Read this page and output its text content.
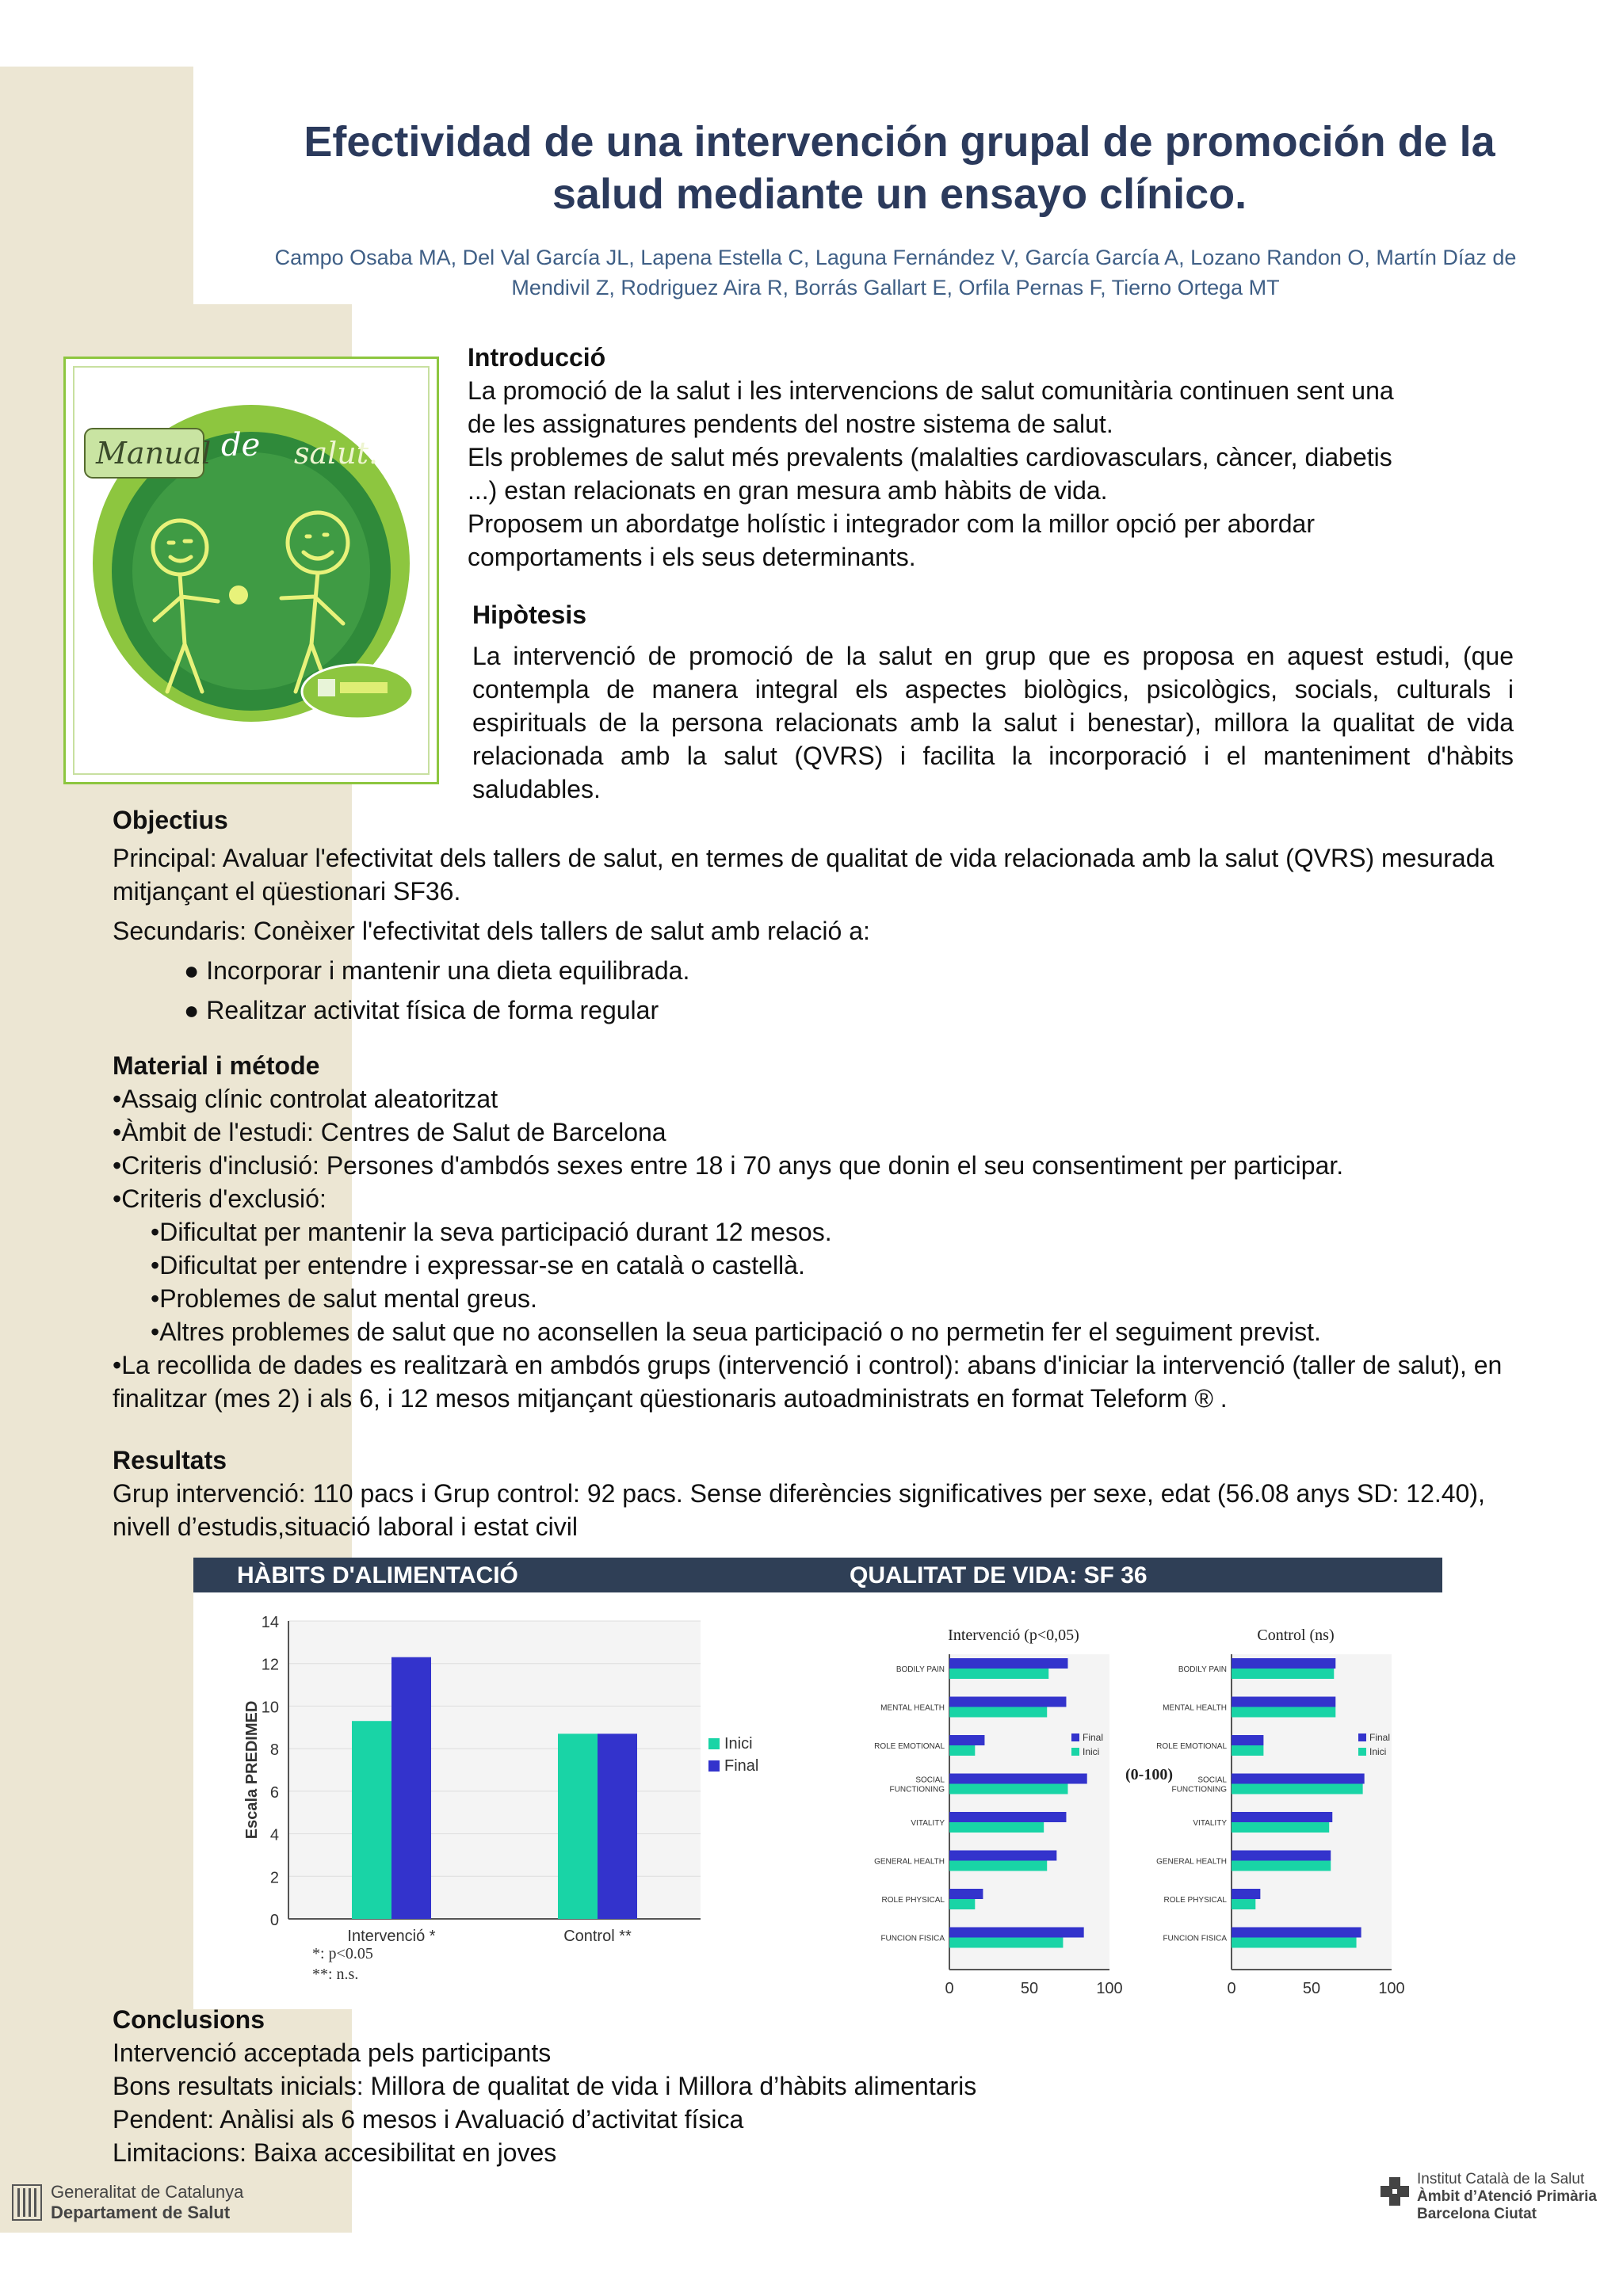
Efectividad de una intervención grupal de promoción de la
salud mediante un ensayo clínico.
Campo Osaba MA, Del Val García JL, Lapena Estella C, Laguna Fernández V, García García A, Lozano Randon O, Martín Díaz de
Mendivil Z, Rodriguez Aira R, Borrás Gallart E, Orfila Pernas F, Tierno Ortega MT
Manual de salut.
Introducció

La promoció de la salut i les intervencions de salut comunitària continuen sent una

de les assignatures pendents del nostre sistema de salut.

Els problemes de salut més prevalents (malalties cardiovasculars, càncer, diabetis

...) estan relacionats en gran mesura amb hàbits de vida.

Proposem un abordatge holístic i integrador com la millor opció per abordar

comportaments i els seus determinants.

Hipòtesis

La intervenció de promoció de la salut en grup que es proposa en aquest estudi, (que contempla de manera integral els aspectes biològics, psicològics, socials, culturals i espirituals de la persona relacionats amb la salut i benestar), millora la qualitat de vida relacionada amb la salut (QVRS) i facilita la incorporació i el manteniment d'hàbits saludables.

Objectius

Principal: Avaluar l'efectivitat dels tallers de salut, en termes de qualitat de vida relacionada amb la salut (QVRS) mesurada mitjançant el qüestionari SF36.

Secundaris: Conèixer l'efectivitat dels tallers de salut amb relació a:

● Incorporar i mantenir una dieta equilibrada.

● Realitzar activitat física de forma regular

Material i métode

•Assaig clínic controlat aleatoritzat

•Àmbit de l'estudi: Centres de Salut de Barcelona

•Criteris d'inclusió: Persones d'ambdós sexes entre 18 i 70 anys que donin el seu consentiment per participar.

•Criteris d'exclusió:

•Dificultat per mantenir la seva participació durant 12 mesos.

•Dificultat per entendre i expressar-se en català o castellà.

•Problemes de salut mental greus.

•Altres problemes de salut que no aconsellen la seua participació o no permetin fer el seguiment previst.

•La recollida de dades es realitzarà en ambdós grups (intervenció i control): abans d'iniciar la intervenció (taller de salut), en finalitzar (mes 2) i als 6, i 12 mesos mitjançant qüestionaris autoadministrats en format Teleform ® .

Resultats

Grup intervenció: 110 pacs i Grup control: 92 pacs. Sense diferències significatives per sexe, edat (56.08 anys SD: 12.40), nivell d’estudis,situació laboral i estat civil

HÀBITS D'ALIMENTACIÓ	QUALITAT DE VIDA: SF 36
0
2
4
6
8
10
12
14
Escala PREDIMED
Intervenció *	Control **
Inici
Final
*: p<0.05
**: n.s.
Intervenció (p<0,05)
0	50	100
BODILY PAIN
MENTAL HEALTH
ROLE EMOTIONAL
SOCIAL
FUNCTIONING
VITALITY
GENERAL HEALTH
ROLE PHYSICAL
FUNCION FISICA
Final
Inici
Control (ns)
0	50	100
BODILY PAIN
MENTAL HEALTH
ROLE EMOTIONAL
SOCIAL
FUNCTIONING
VITALITY
GENERAL HEALTH
ROLE PHYSICAL
FUNCION FISICA
Final
Inici
(0-100)
Conclusions

Intervenció acceptada pels participants

Bons resultats inicials: Millora de qualitat de vida i Millora d’hàbits alimentaris

Pendent: Anàlisi als 6 mesos i Avaluació d’activitat física

Limitacions: Baixa accesibilitat en joves

Generalitat de Catalunya
Departament de Salut
Institut Català de la Salut
Àmbit d’Atenció Primària
Barcelona Ciutat
